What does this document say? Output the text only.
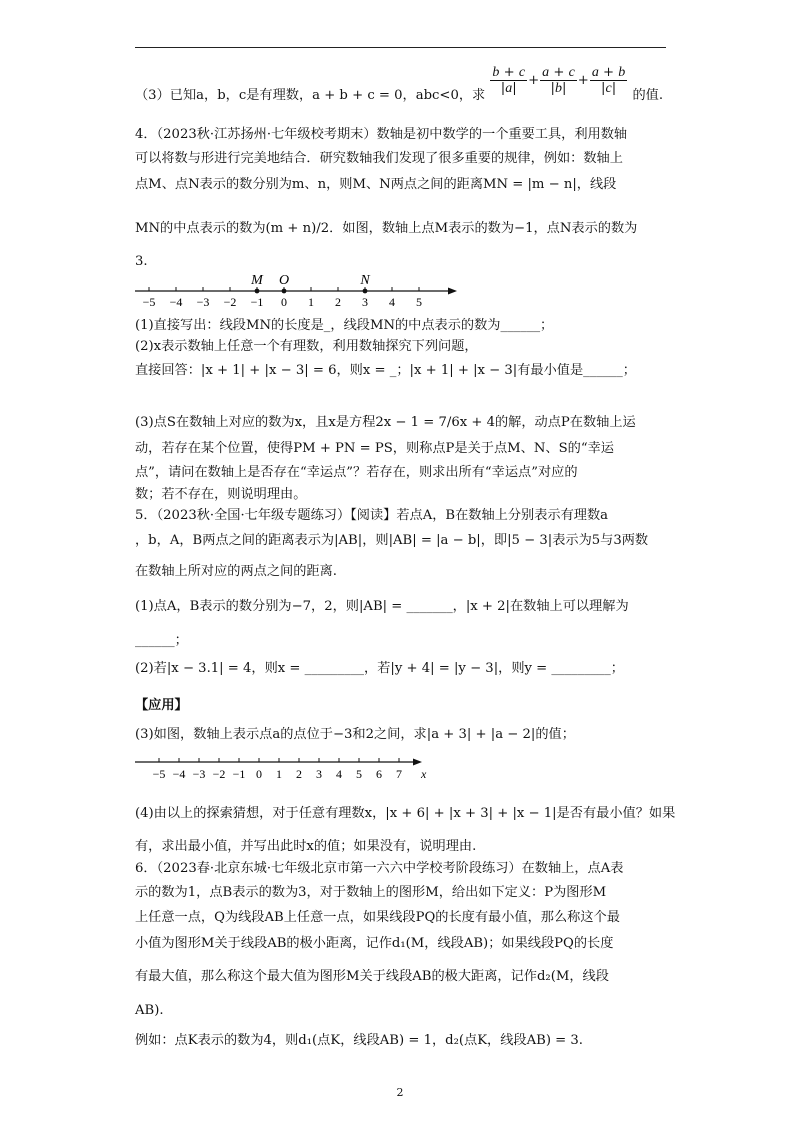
（3）已知a，b，c是有理数，a + b + c = 0，abc<0，求 $\frac{b + c}{|a|} + \frac{a + c}{|b|} + \frac{a + b}{|c|}$ 的值.
4．（2023秋·江苏扬州·七年级校考期末）数轴是初中数学的一个重要工具，利用数轴
可以将数与形进行完美地结合．研究数轴我们发现了很多重要的规律，例如：数轴上
点M、点N表示的数分别为m、n，则M、N两点之间的距离MN = |m − n|，线段
MN的中点表示的数为(m + n)/2．如图，数轴上点M表示的数为−1，点N表示的数为
3.
−5 −4 −3 −2 −1 0 1 2 3 4 5
M O	N
(1)直接写出：线段MN的长度是_，线段MN的中点表示的数为______；
(2)x表示数轴上任意一个有理数，利用数轴探究下列问题，
直接回答：|x + 1| + |x − 3| = 6，则x = _；|x + 1| + |x − 3|有最小值是______；
(3)点S在数轴上对应的数为x，且x是方程2x − 1 = 7/6x + 4的解，动点P在数轴上运
动，若存在某个位置，使得PM + PN = PS，则称点P是关于点M、N、S的“幸运
点”，请问在数轴上是否存在“幸运点”？若存在，则求出所有“幸运点”对应的
数；若不存在，则说明理由。
5．（2023秋·全国·七年级专题练习）【阅读】若点A，B在数轴上分别表示有理数a
，b，A，B两点之间的距离表示为|AB|，则|AB| = |a − b|，即|5 − 3|表示为5与3两数
在数轴上所对应的两点之间的距离.
(1)点A，B表示的数分别为−7，2，则|AB| = _______，|x + 2|在数轴上可以理解为
______；
(2)若|x − 3.1| = 4，则x = _________，若|y + 4| = |y − 3|，则y = _________；
【应用】
(3)如图，数轴上表示点a的点位于−3和2之间，求|a + 3| + |a − 2|的值；
−5 −4 −3 −2 −1 0 1 2 3 4 5 6 7 x
(4)由以上的探索猜想，对于任意有理数x，|x + 6| + |x + 3| + |x − 1|是否有最小值？如果
有，求出最小值，并写出此时x的值；如果没有，说明理由.
6．（2023春·北京东城·七年级北京市第一六六中学校考阶段练习）在数轴上，点A表
示的数为1，点B表示的数为3，对于数轴上的图形M，给出如下定义：P为图形M
上任意一点，Q为线段AB上任意一点，如果线段PQ的长度有最小值，那么称这个最
小值为图形M关于线段AB的极小距离，记作d₁(M，线段AB)；如果线段PQ的长度
有最大值，那么称这个最大值为图形M关于线段AB的极大距离，记作d₂(M，线段
AB).
例如：点K表示的数为4，则d₁(点K，线段AB) = 1，d₂(点K，线段AB) = 3.
2
